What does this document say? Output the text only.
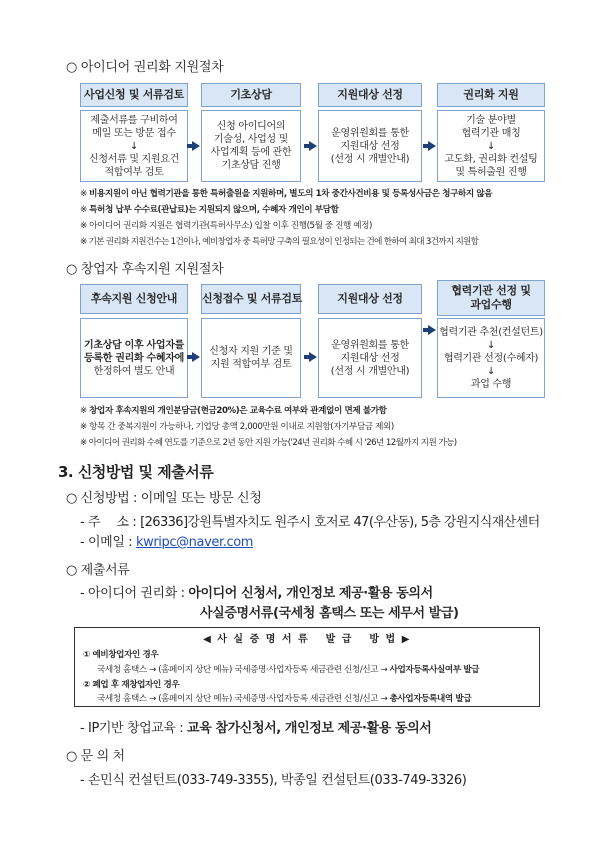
○ 아이디어 권리화 지원절차
사업신청 및 서류검토	기초상담	지원대상 선정	권리화 지원
제출서류를 구비하여
메일 또는 방문 접수
↓
신청서류 및 지원요건
적합여부 검토
신청 아이디어의
기술성, 사업성 및
사업계획 등에 관한
기초상담 진행
운영위원회를 통한
지원대상 선정
(선정 시 개별안내)
기술 분야별
협력기관 매칭
↓
고도화, 권리화 컨설팅
및 특허출원 진행
※ 비용지원이 아닌 협력기관을 통한 특허출원을 지원하며, 별도의 1차 중간사건비용 및 등록성사금은 청구하지 않음
※ 특허청 납부 수수료(관납료)는 지원되지 않으며, 수혜자 개인이 부담함
※ 아이디어 권리화 지원은 협력기관(특허사무소) 입찰 이후 진행(5월 중 진행 예정)
※ 기본 권리화 지원건수는 1건이나, 예비창업자 중 특허망 구축의 필요성이 인정되는 건에 한하여 최대 3건까지 지원함
○ 창업자 후속지원 지원절차
후속지원 신청안내	신청접수 및 서류검토	지원대상 선정
협력기관 선정 및
과업수행
기초상담 이후 사업자를
등록한 권리화 수혜자에
한정하여 별도 안내
신청자 지원 기준 및
지원 적합여부 검토
운영위원회를 통한
지원대상 선정
(선정 시 개별안내)
협력기관 추천(컨설턴트)
↓
협력기관 선정(수혜자)
↓
과업 수행
※ 창업자 후속지원의 개인분담금(현금20%)은 교육수료 여부와 관계없이 면제 불가함
※ 항목 간 중복지원이 가능하나, 기업당 총액 2,000만원 이내로 지원함(자기부담금 제외)
※ 아이디어 권리화 수혜 연도를 기준으로 2년 동안 지원 가능('24년 권리화 수혜 시 '26년 12월까지 지원 가능)
3. 신청방법 및 제출서류
○ 신청방법 : 이메일 또는 방문 신청
- 주　 소 : [26336]강원특별자치도 원주시 호저로 47(우산동), 5층 강원지식재산센터
- 이메일 : kwripc@naver.com
○ 제출서류
- 아이디어 권리화 : 아이디어 신청서, 개인정보 제공·활용 동의서
사실증명서류(국세청 홈택스 또는 세무서 발급)
◀ 사 실 증 명 서 류　 발 급　 방 법 ▶
① 예비창업자인 경우
국세청 홈택스 → (홈페이지 상단 메뉴) 국세증명·사업자등록 세금관련 신청/신고 → 사업자등록사실여부 발급
② 폐업 후 재창업자인 경우
국세청 홈택스 → (홈페이지 상단 메뉴) 국세증명·사업자등록 세금관련 신청/신고 → 총사업자등록내역 발급
- IP기반 창업교육 : 교육 참가신청서, 개인정보 제공·활용 동의서
○ 문 의 처
- 손민식 컨설턴트(033-749-3355), 박종일 컨설턴트(033-749-3326)
